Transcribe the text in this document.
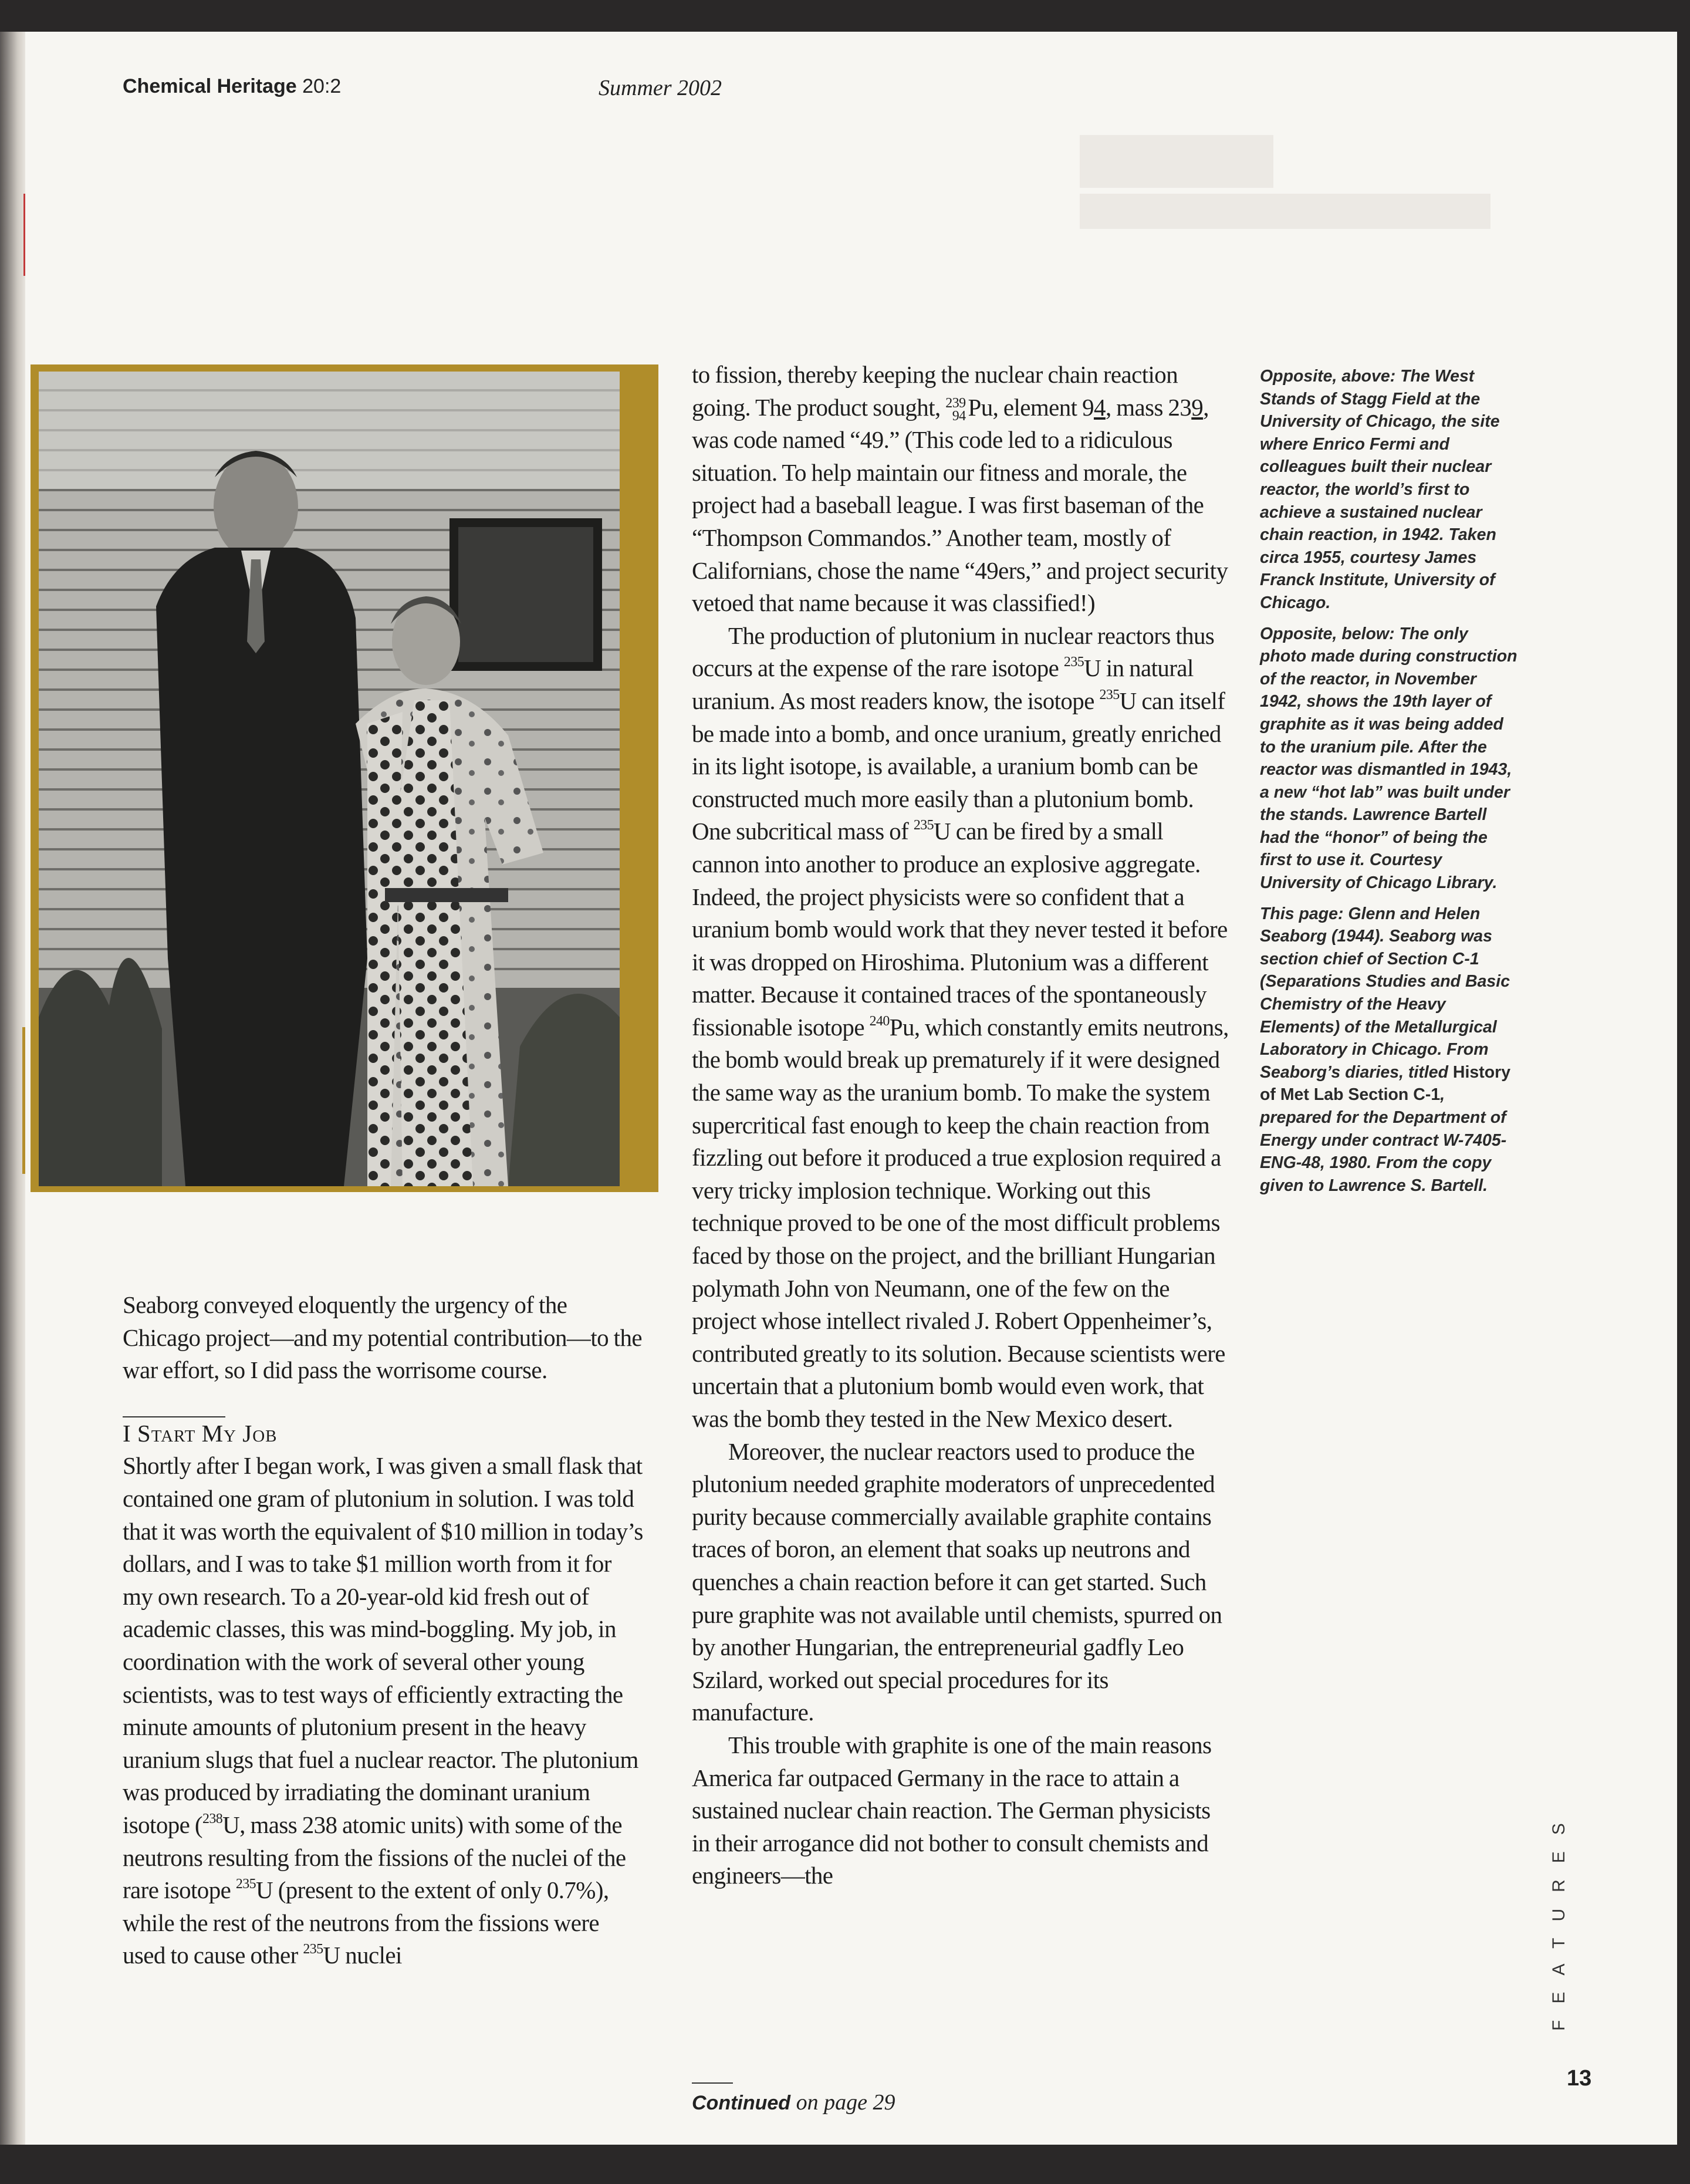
Chemical Heritage 20:2	Summer 2002

Seaborg conveyed eloquently the urgency of the Chicago project—and my potential contribution—to the war effort, so I did pass the worrisome course.

I Start My Job

Shortly after I began work, I was given a small flask that contained one gram of plutonium in solution. I was told that it was worth the equivalent of $10 million in today’s dollars, and I was to take $1 million worth from it for my own research. To a 20-year-old kid fresh out of academic classes, this was mind-boggling. My job, in coordination with the work of several other young scientists, was to test ways of efficiently extracting the minute amounts of plutonium present in the heavy uranium slugs that fuel a nuclear reactor. The plutonium was produced by irradiating the dominant uranium isotope ($^{238}$U, mass 238 atomic units) with some of the neutrons resulting from the fissions of the nuclei of the rare isotope $^{235}$U (present to the extent of only 0.7%), while the rest of the neutrons from the fissions were used to cause other $^{235}$U nuclei

to fission, thereby keeping the nuclear chain reaction going. The product sought, 239
94 Pu, element 94, mass 239, was code named “49.” (This code led to a ridiculous situation. To help maintain our fitness and morale, the project had a baseball league. I was first baseman of the “Thompson Commandos.” Another team, mostly of Californians, chose the name “49ers,” and project security vetoed that name because it was classified!)

The production of plutonium in nuclear reactors thus occurs at the expense of the rare isotope $^{235}$U in natural uranium. As most readers know, the isotope $^{235}$U can itself be made into a bomb, and once uranium, greatly enriched in its light isotope, is available, a uranium bomb can be constructed much more easily than a plutonium bomb. One subcritical mass of $^{235}$U can be fired by a small cannon into another to produce an explosive aggregate. Indeed, the project physicists were so confident that a uranium bomb would work that they never tested it before it was dropped on Hiroshima. Plutonium was a different matter. Because it contained traces of the spontaneously fissionable isotope $^{240}$Pu, which constantly emits neutrons, the bomb would break up prematurely if it were designed the same way as the uranium bomb. To make the system supercritical fast enough to keep the chain reaction from fizzling out before it produced a true explosion required a very tricky implosion technique. Working out this technique proved to be one of the most difficult problems faced by those on the project, and the brilliant Hungarian polymath John von Neumann, one of the few on the project whose intellect rivaled J. Robert Oppenheimer’s, contributed greatly to its solution. Because scientists were uncertain that a plutonium bomb would even work, that was the bomb they tested in the New Mexico desert.

Moreover, the nuclear reactors used to produce the plutonium needed graphite moderators of unprecedented purity because commercially available graphite contains traces of boron, an element that soaks up neutrons and quenches a chain reaction before it can get started. Such pure graphite was not available until chemists, spurred on by another Hungarian, the entrepreneurial gadfly Leo Szilard, worked out special procedures for its manufacture.

This trouble with graphite is one of the main reasons America far outpaced Germany in the race to attain a sustained nuclear chain reaction. The German physicists in their arrogance did not bother to consult chemists and engineers—the

Opposite, above: The West Stands of Stagg Field at the University of Chicago, the site where Enrico Fermi and colleagues built their nuclear reactor, the world’s first to achieve a sustained nuclear chain reaction, in 1942. Taken circa 1955, courtesy James Franck Institute, University of Chicago.

Opposite, below: The only photo made during construction of the reactor, in November 1942, shows the 19th layer of graphite as it was being added to the uranium pile. After the reactor was dismantled in 1943, a new “hot lab” was built under the stands. Lawrence Bartell had the “honor” of being the first to use it. Courtesy University of Chicago Library.

This page: Glenn and Helen Seaborg (1944). Seaborg was section chief of Section C-1 (Separations Studies and Basic Chemistry of the Heavy Elements) of the Metallurgical Laboratory in Chicago. From Seaborg’s diaries, titled History of Met Lab Section C-1, prepared for the Department of Energy under contract W-7405-ENG-48, 1980. From the copy given to Lawrence S. Bartell.

Continued on page 29
FEATURES
13
